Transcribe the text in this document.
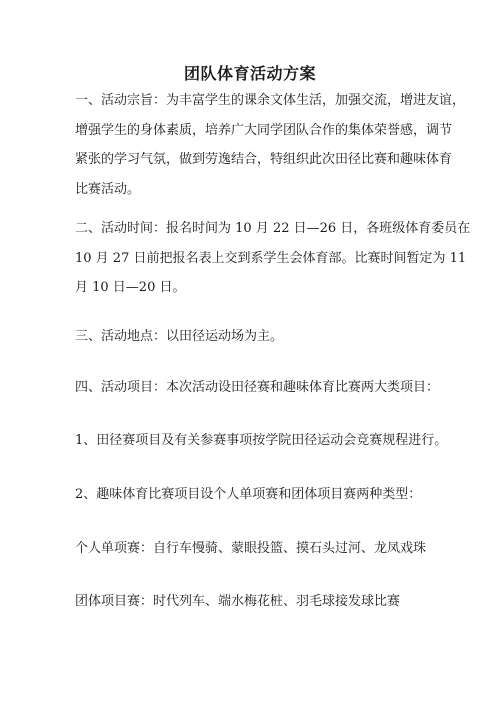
团队体育活动方案
一、活动宗旨：为丰富学生的课余文体生活，加强交流，增进友谊，
增强学生的身体素质，培养广大同学团队合作的集体荣誉感，调节
紧张的学习气氛，做到劳逸结合，特组织此次田径比赛和趣味体育
比赛活动。
二、活动时间：报名时间为 10 月 22 日—26 日，各班级体育委员在
10 月 27 日前把报名表上交到系学生会体育部。比赛时间暂定为 11
月 10 日—20 日。
三、活动地点：以田径运动场为主。
四、活动项目：本次活动设田径赛和趣味体育比赛两大类项目：
1、田径赛项目及有关参赛事项按学院田径运动会竞赛规程进行。
2、趣味体育比赛项目设个人单项赛和团体项目赛两种类型：
个人单项赛：自行车慢骑、蒙眼投篮、摸石头过河、龙凤戏珠
团体项目赛：时代列车、端水梅花桩、羽毛球接发球比赛
